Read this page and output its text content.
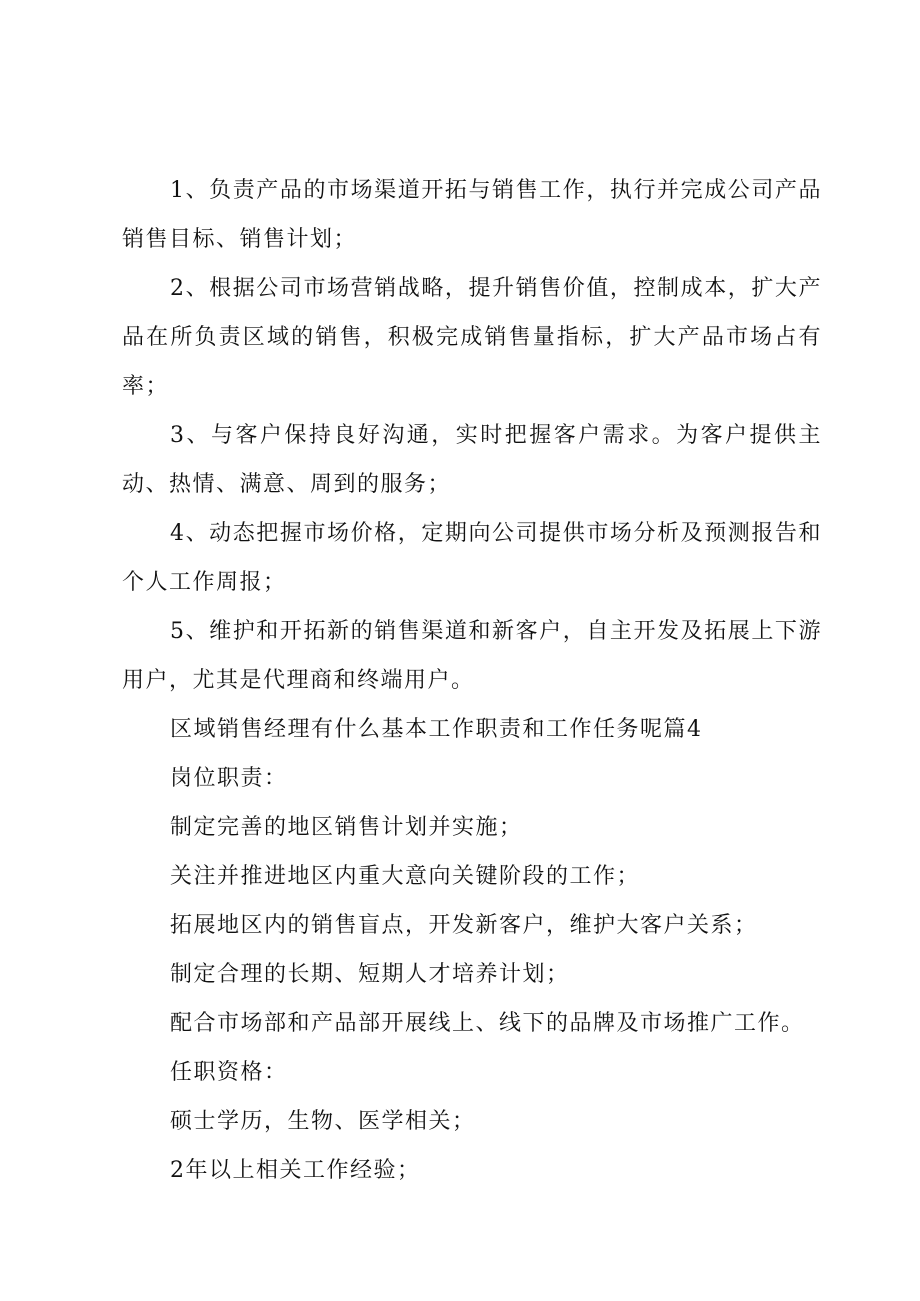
1、负责产品的市场渠道开拓与销售工作，执行并完成公司产品销售目标、销售计划；

2、根据公司市场营销战略，提升销售价值，控制成本，扩大产品在所负责区域的销售，积极完成销售量指标，扩大产品市场占有率；

3、与客户保持良好沟通，实时把握客户需求。为客户提供主动、热情、满意、周到的服务；

4、动态把握市场价格，定期向公司提供市场分析及预测报告和个人工作周报；

5、维护和开拓新的销售渠道和新客户，自主开发及拓展上下游用户，尤其是代理商和终端用户。

区域销售经理有什么基本工作职责和工作任务呢篇4

岗位职责：

制定完善的地区销售计划并实施；

关注并推进地区内重大意向关键阶段的工作；

拓展地区内的销售盲点，开发新客户，维护大客户关系；

制定合理的长期、短期人才培养计划；

配合市场部和产品部开展线上、线下的品牌及市场推广工作。

任职资格：

硕士学历，生物、医学相关；

2年以上相关工作经验；
